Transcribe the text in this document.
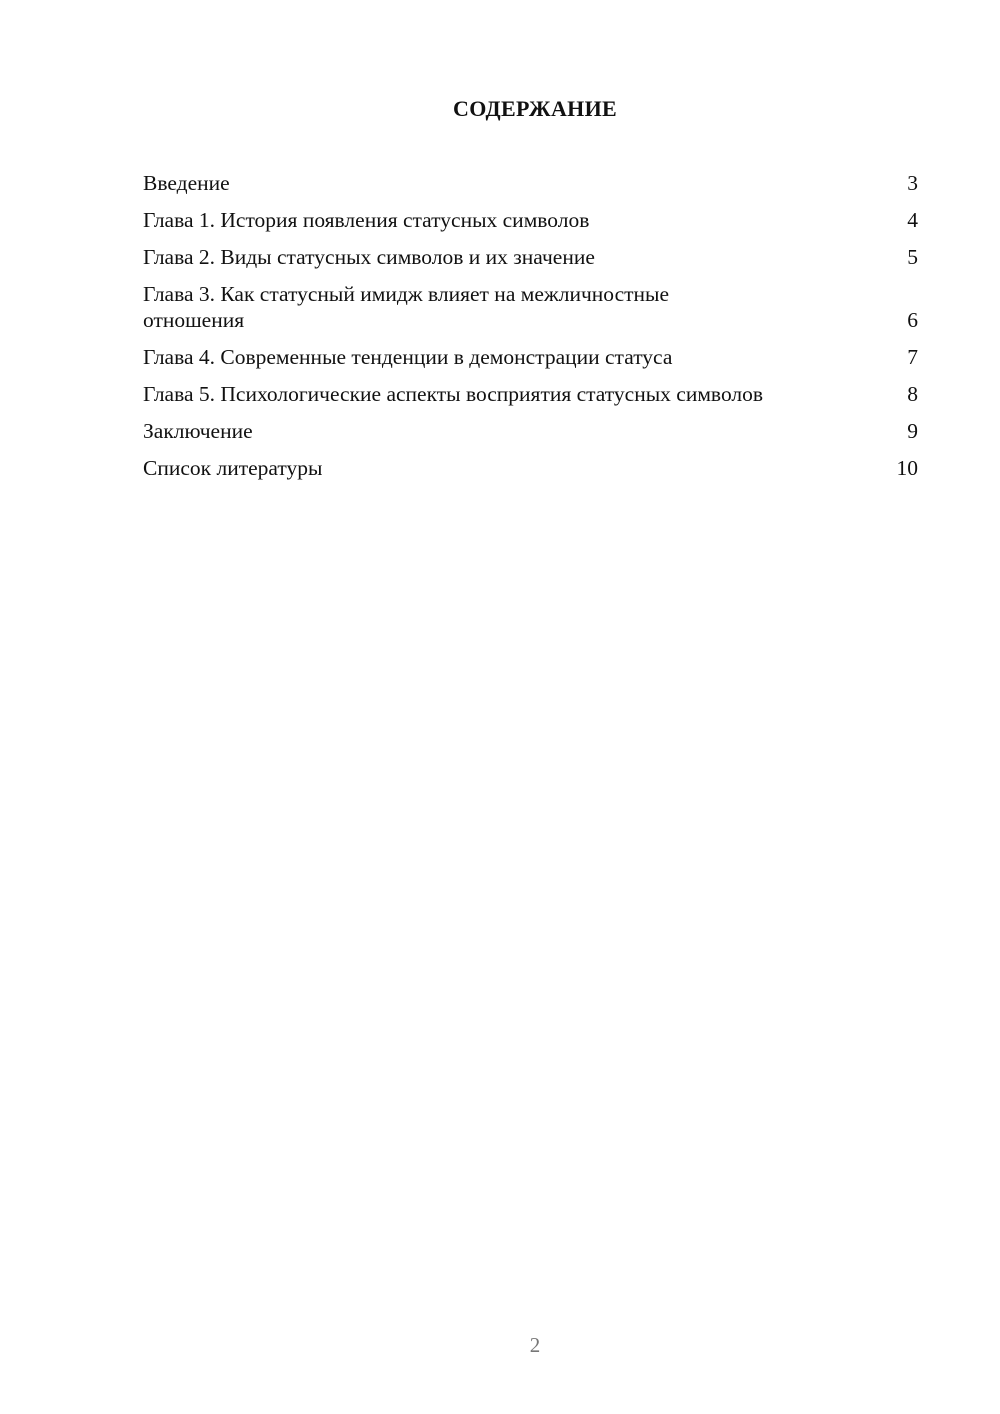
СОДЕРЖАНИЕ
Введение	3
Глава 1. История появления статусных символов	4
Глава 2. Виды статусных символов и их значение	5
Глава 3. Как статусный имидж влияет на межличностные отношения	6
Глава 4. Современные тенденции в демонстрации статуса	7
Глава 5. Психологические аспекты восприятия статусных символов	8
Заключение	9
Список литературы	10
2
